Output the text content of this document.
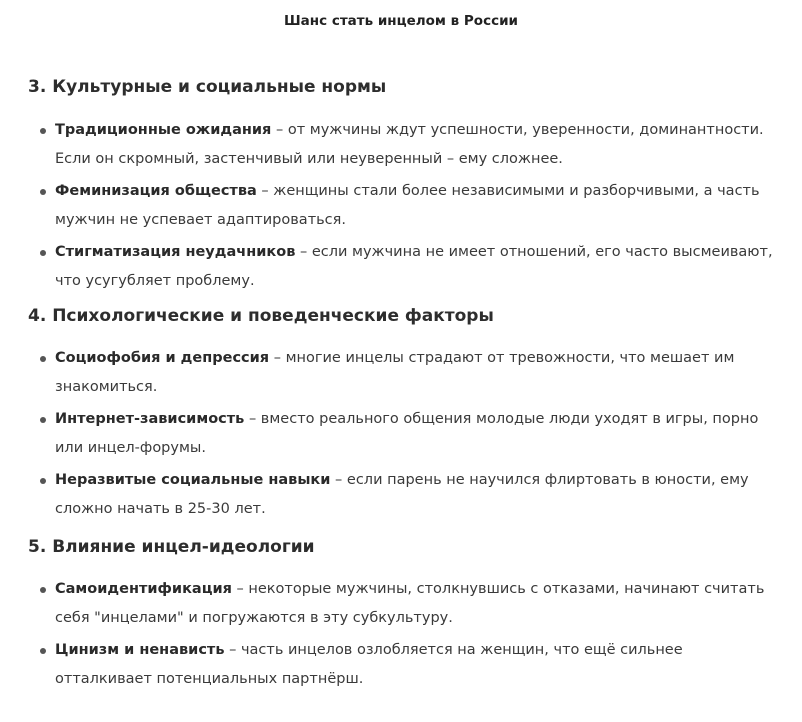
Шанс стать инцелом в России
3. Культурные и социальные нормы
Традиционные ожидания – от мужчины ждут успешности, уверенности, доминантности. Если он скромный, застенчивый или неуверенный – ему сложнее.
Феминизация общества – женщины стали более независимыми и разборчивыми, а часть мужчин не успевает адаптироваться.
Стигматизация неудачников – если мужчина не имеет отношений, его часто высмеивают, что усугубляет проблему.
4. Психологические и поведенческие факторы
Социофобия и депрессия – многие инцелы страдают от тревожности, что мешает им знакомиться.
Интернет-зависимость – вместо реального общения молодые люди уходят в игры, порно или инцел-форумы.
Неразвитые социальные навыки – если парень не научился флиртовать в юности, ему сложно начать в 25-30 лет.
5. Влияние инцел-идеологии
Самоидентификация – некоторые мужчины, столкнувшись с отказами, начинают считать себя "инцелами" и погружаются в эту субкультуру.
Цинизм и ненависть – часть инцелов озлобляется на женщин, что ещё сильнее отталкивает потенциальных партнёрш.
